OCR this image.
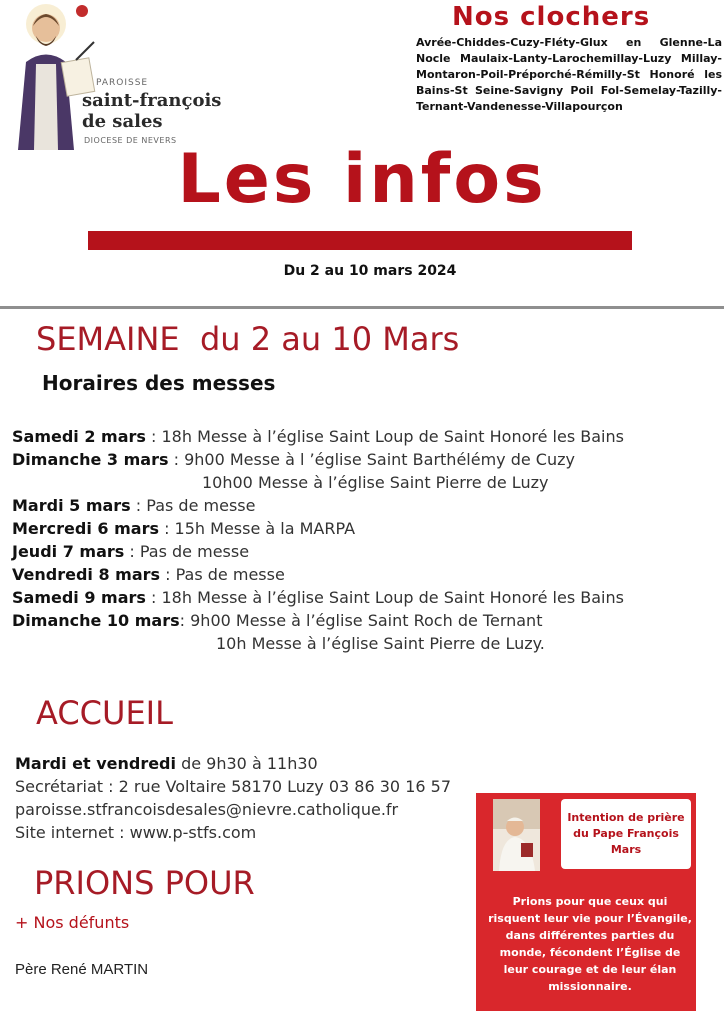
PAROISSE
saint-françois
de sales
DIOCESE DE NEVERS
Nos clochers
Avrée-Chiddes-Cuzy-Fléty-Glux en Glenne-La Nocle Maulaix-Lanty-Larochemillay-Luzy Millay-Montaron-Poil-Préporché-Rémilly-St Honoré les Bains-St Seine-Savigny Poil Fol-Semelay-Tazilly-Ternant-Vandenesse-Villapourçon
Les infos
Du 2 au 10 mars 2024
SEMAINE  du 2 au 10 Mars
Horaires des messes
Samedi 2 mars : 18h Messe à l’église Saint Loup de Saint Honoré les Bains
Dimanche 3 mars : 9h00 Messe à l ’église Saint Barthélémy de Cuzy
10h00 Messe à l’église Saint Pierre de Luzy
Mardi 5 mars : Pas de messe
Mercredi 6 mars : 15h Messe à la MARPA
Jeudi 7 mars : Pas de messe
Vendredi 8 mars : Pas de messe
Samedi 9 mars : 18h Messe à l’église Saint Loup de Saint Honoré les Bains
Dimanche 10 mars: 9h00 Messe à l’église Saint Roch de Ternant
10h Messe à l’église Saint Pierre de Luzy.
ACCUEIL
Mardi et vendredi de 9h30 à 11h30
Secrétariat : 2 rue Voltaire 58170 Luzy 03 86 30 16 57
paroisse.stfrancoisdesales@nievre.catholique.fr
Site internet : www.p-stfs.com
PRIONS POUR
+ Nos défunts
Père René MARTIN
Intention de prière
du Pape François
Mars
Prions pour que ceux qui risquent leur vie pour l’Évangile, dans différentes parties du monde, fécondent l’Église de leur courage et de leur élan missionnaire.
